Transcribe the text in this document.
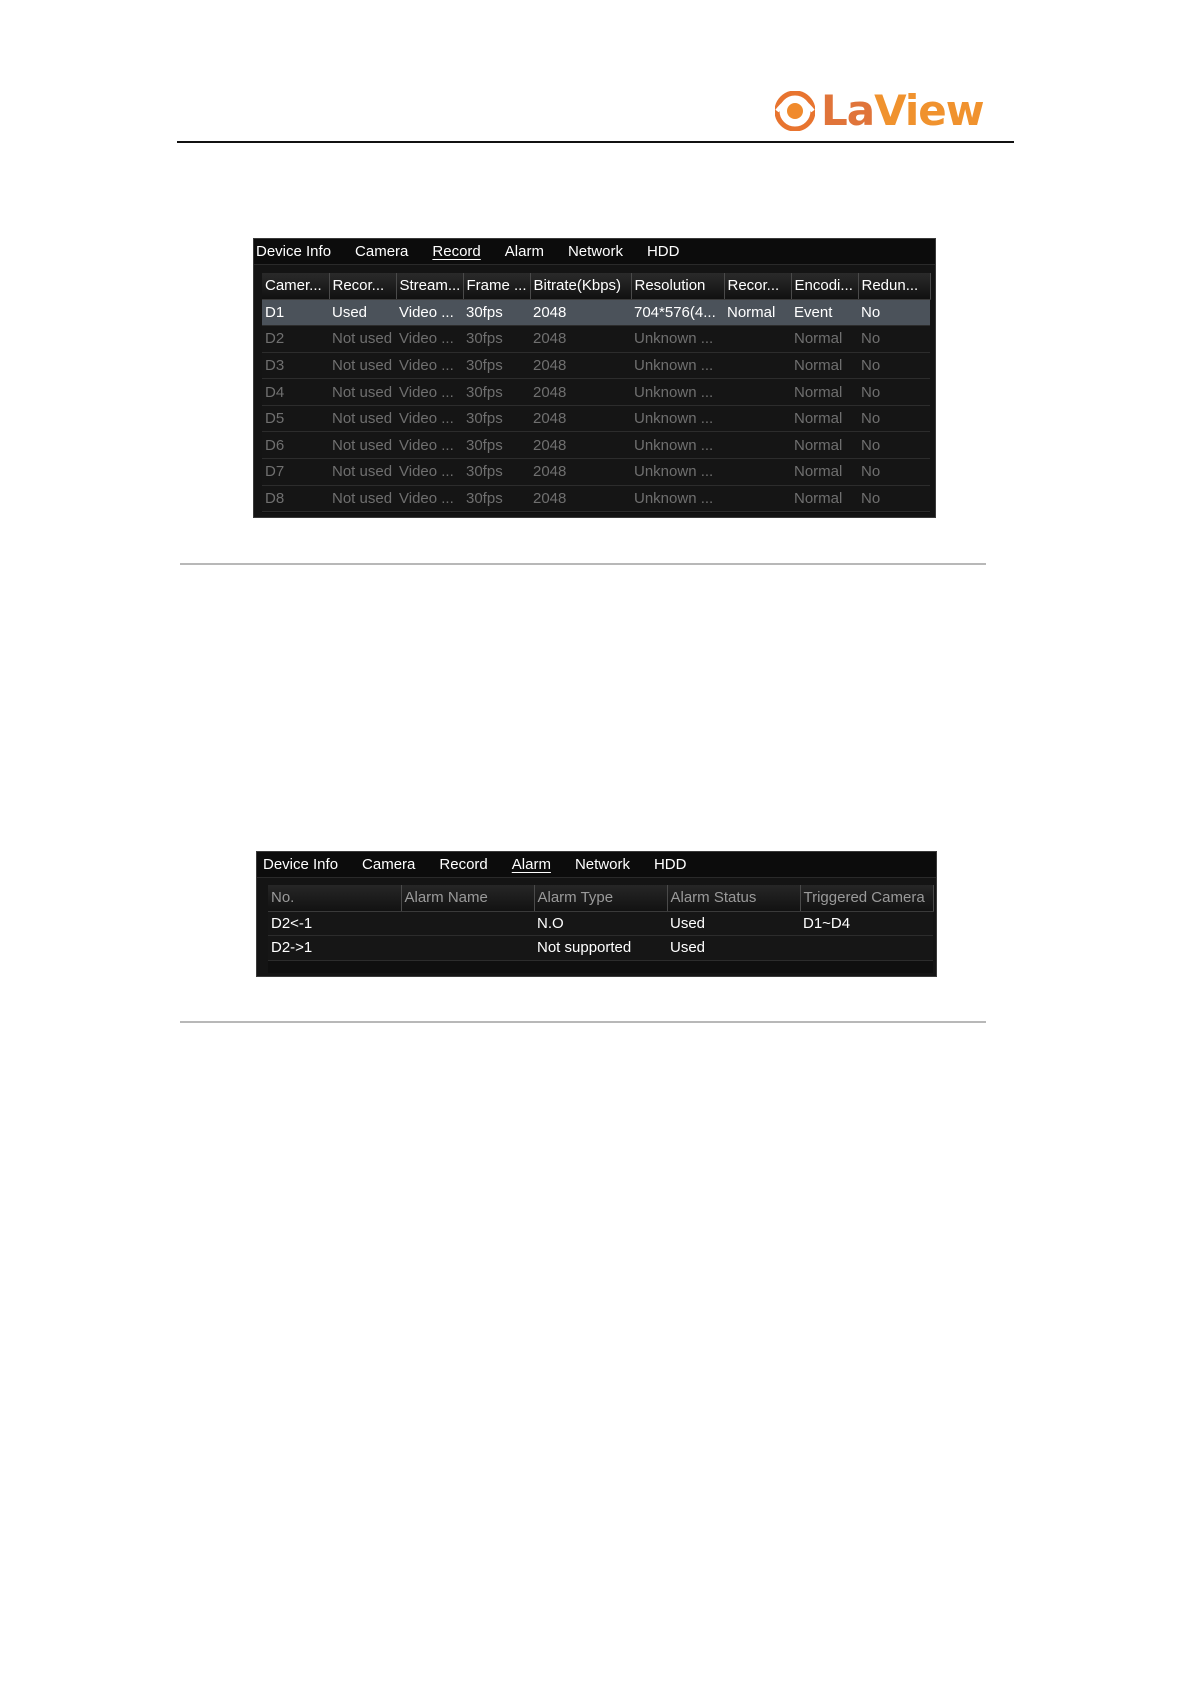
LaView
Device Info Camera Record Alarm Network HDD
Camer...	Recor...	Stream...	Frame ...	Bitrate(Kbps)	Resolution	Recor...	Encodi...	Redun...
D1	Used	Video ...	30fps	2048	704*576(4...	Normal	Event	No
D2	Not used	Video ...	30fps	2048	Unknown ...		Normal	No
D3	Not used	Video ...	30fps	2048	Unknown ...		Normal	No
D4	Not used	Video ...	30fps	2048	Unknown ...		Normal	No
D5	Not used	Video ...	30fps	2048	Unknown ...		Normal	No
D6	Not used	Video ...	30fps	2048	Unknown ...		Normal	No
D7	Not used	Video ...	30fps	2048	Unknown ...		Normal	No
D8	Not used	Video ...	30fps	2048	Unknown ...		Normal	No
Device Info Camera Record Alarm Network HDD
No.	Alarm Name	Alarm Type	Alarm Status	Triggered Camera
D2<-1		N.O	Used	D1~D4
D2->1		Not supported	Used	
